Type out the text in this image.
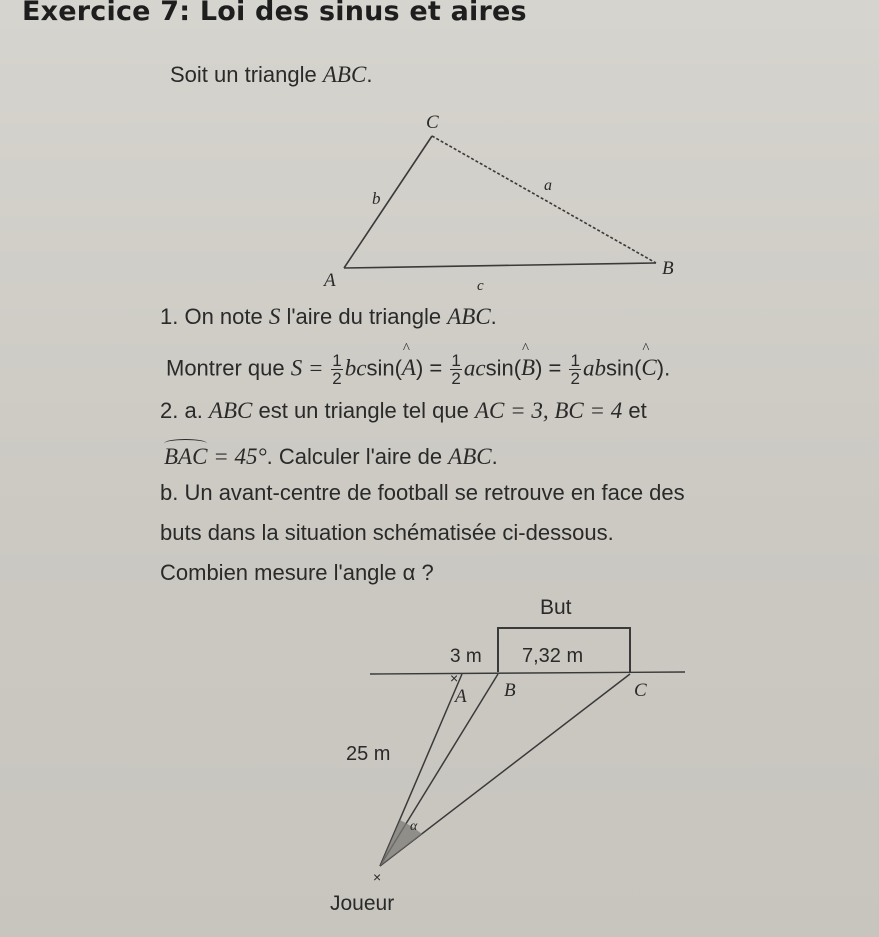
Exercice 7: Loi des sinus et aires
Soit un triangle ABC.
A
B
C
a
b
c
1. On note S l'aire du triangle ABC.
Montrer que $S = \frac{1}{2}$ bcsin(^ $A) = \frac{1}{2}$ acsin(^ $B) = \frac{1}{2}$ absin(^ C).
2. a. ABC est un triangle tel que AC = 3, BC = 4 et
BAC = 45°. Calculer l'aire de ABC.
b. Un avant-centre de football se retrouve en face des
buts dans la situation schématisée ci-dessous.
Combien mesure l'angle α ?
×
×
But
3 m 7,32 m
A B	C
25 m
α
Joueur
